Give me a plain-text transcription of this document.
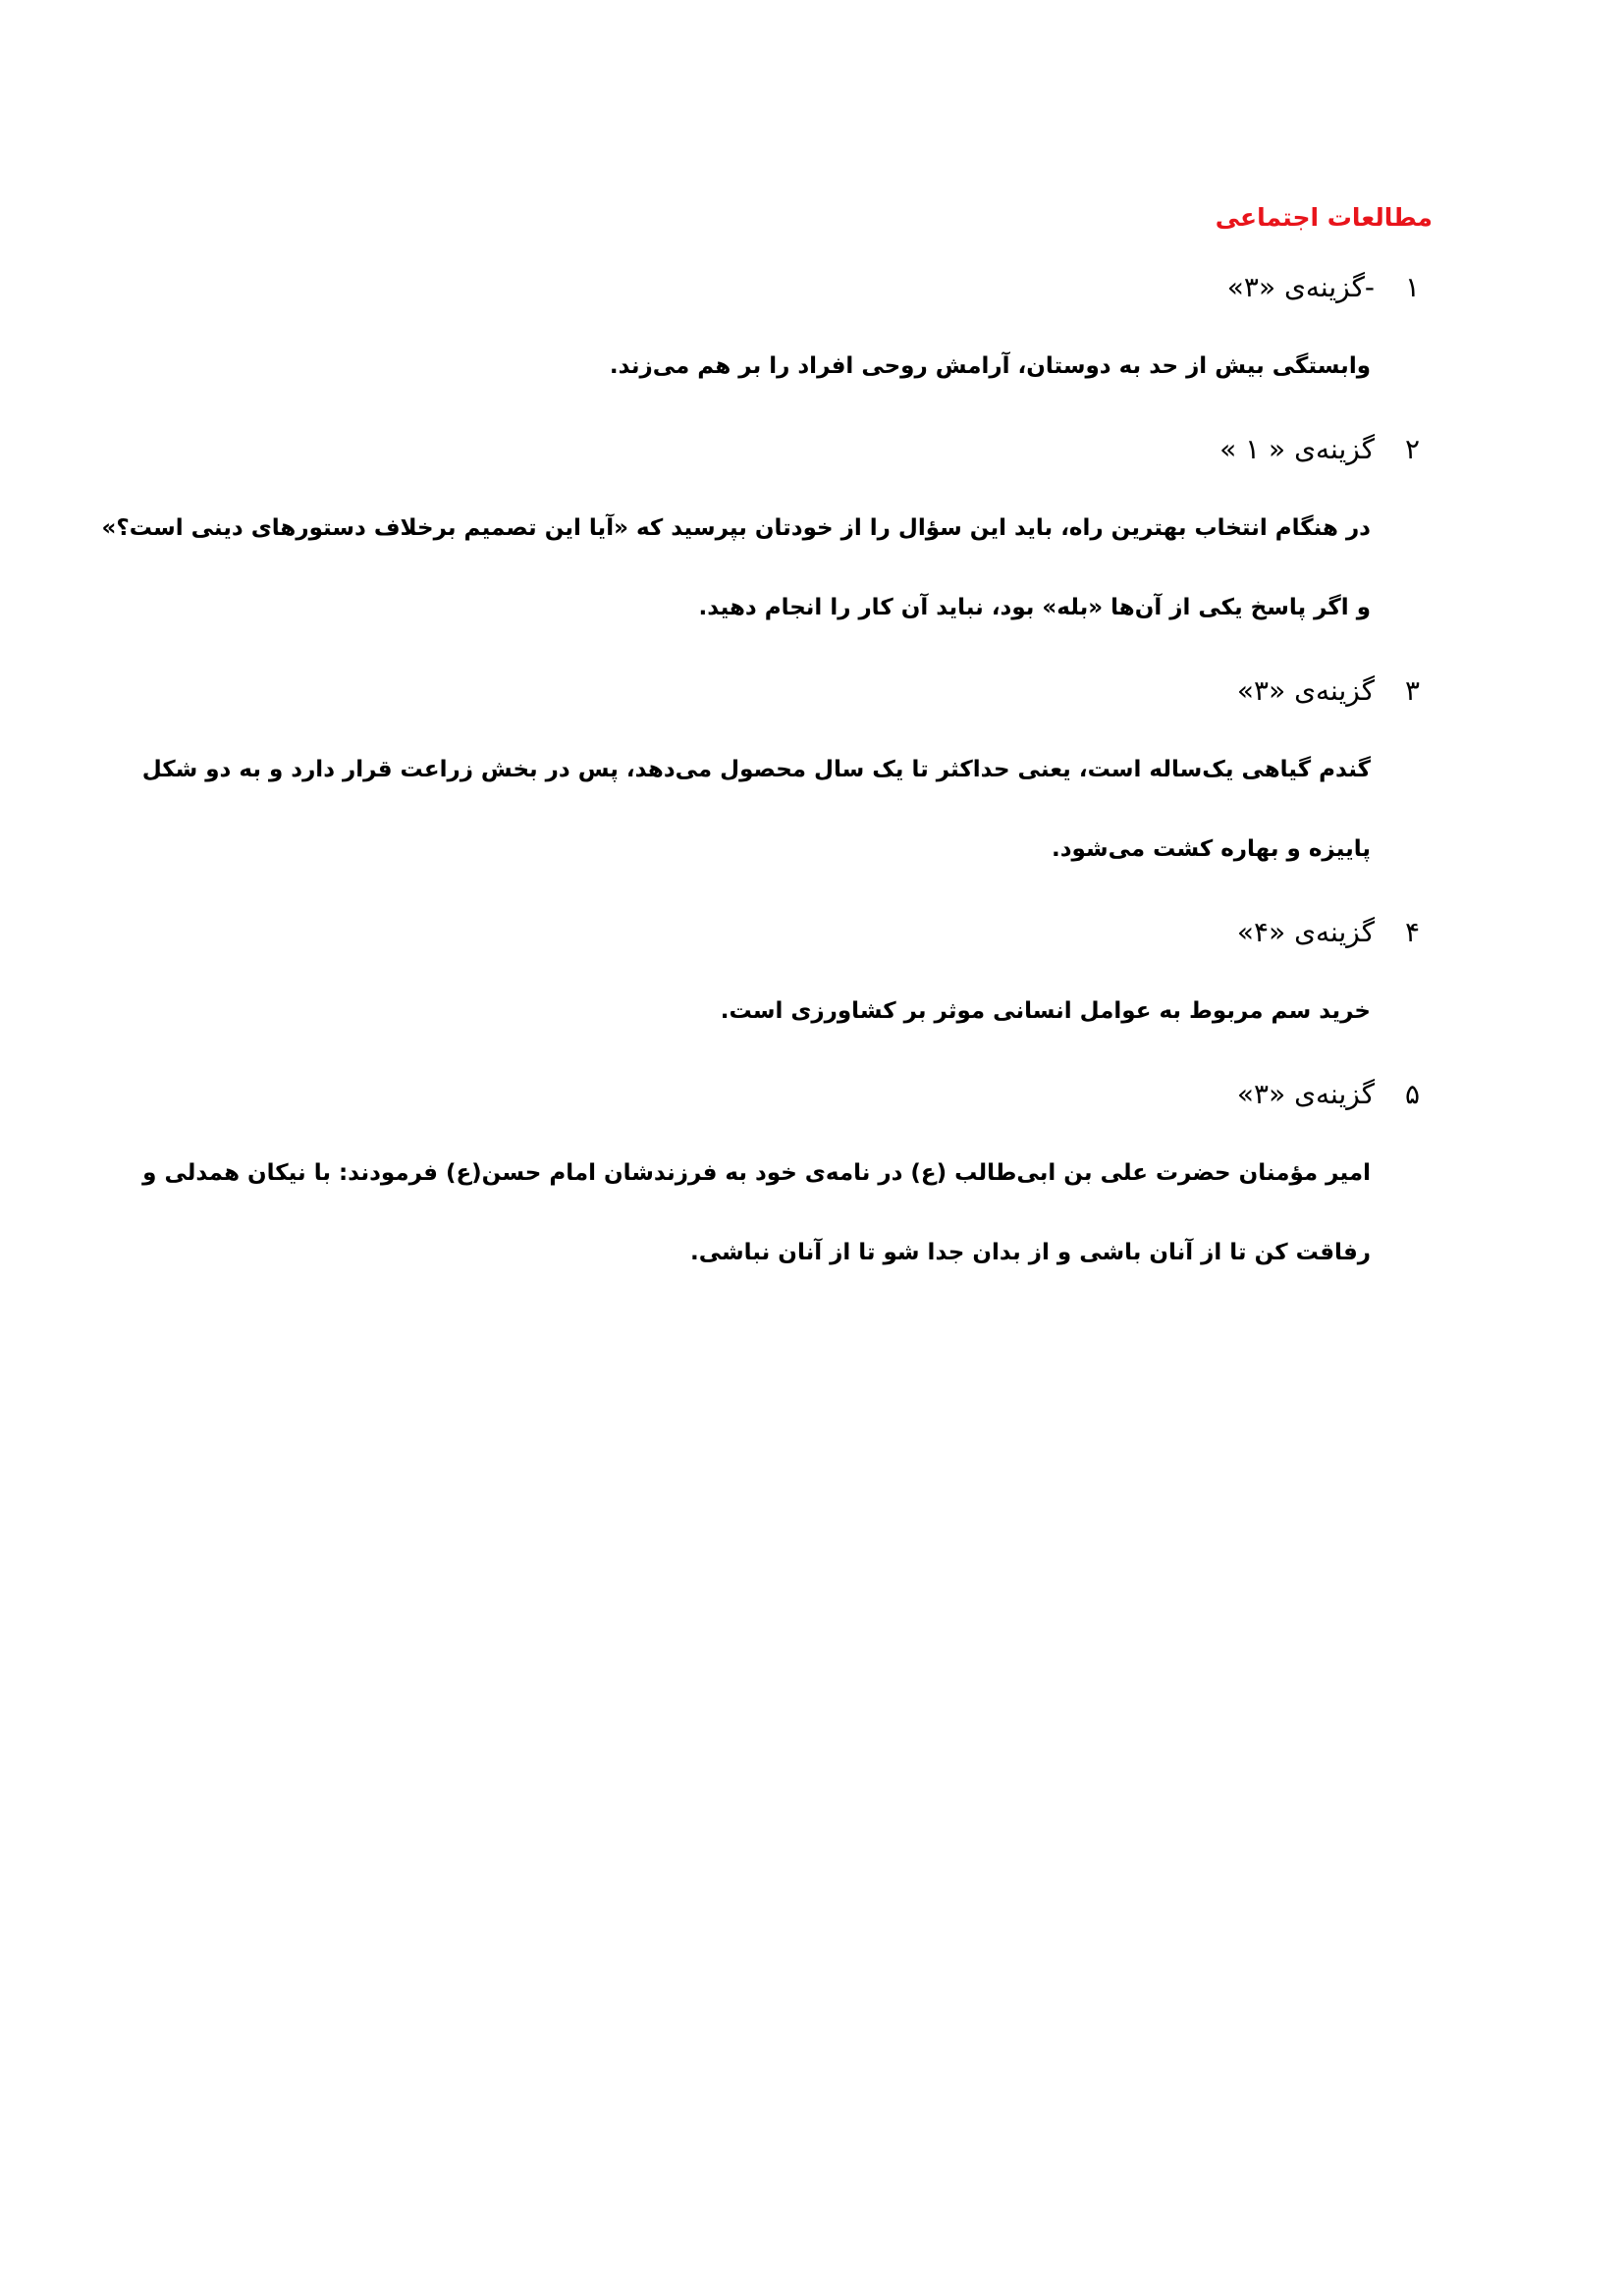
مطالعات اجتماعی
۱ -گزینه‌ی «۳»
وابستگی بیش از حد به دوستان، آرامش روحی افراد را بر هم می‌زند.
۲ گزینه‌ی « ۱ »
در هنگام انتخاب بهترین راه، باید این سؤال را از خودتان بپرسید که «آیا این تصمیم برخلاف دستورهای دینی است؟»
و اگر پاسخ یکی از آن‌ها «بله» بود، نباید آن کار را انجام دهید.
۳ گزینه‌ی «۳»
گندم گیاهی یک‌ساله است، یعنی حداکثر تا یک سال محصول می‌دهد، پس در بخش زراعت قرار دارد و به دو شکل
پاییزه و بهاره کشت می‌شود.
۴ گزینه‌ی «۴»
خرید سم مربوط به عوامل انسانی موثر بر کشاورزی است.
۵ گزینه‌ی «۳»
امیر مؤمنان حضرت علی بن ابی‌طالب (ع) در نامه‌ی خود به فرزندشان امام حسن(ع) فرمودند: با نیکان همدلی و
رفاقت کن تا از آنان باشی و از بدان جدا شو تا از آنان نباشی.
